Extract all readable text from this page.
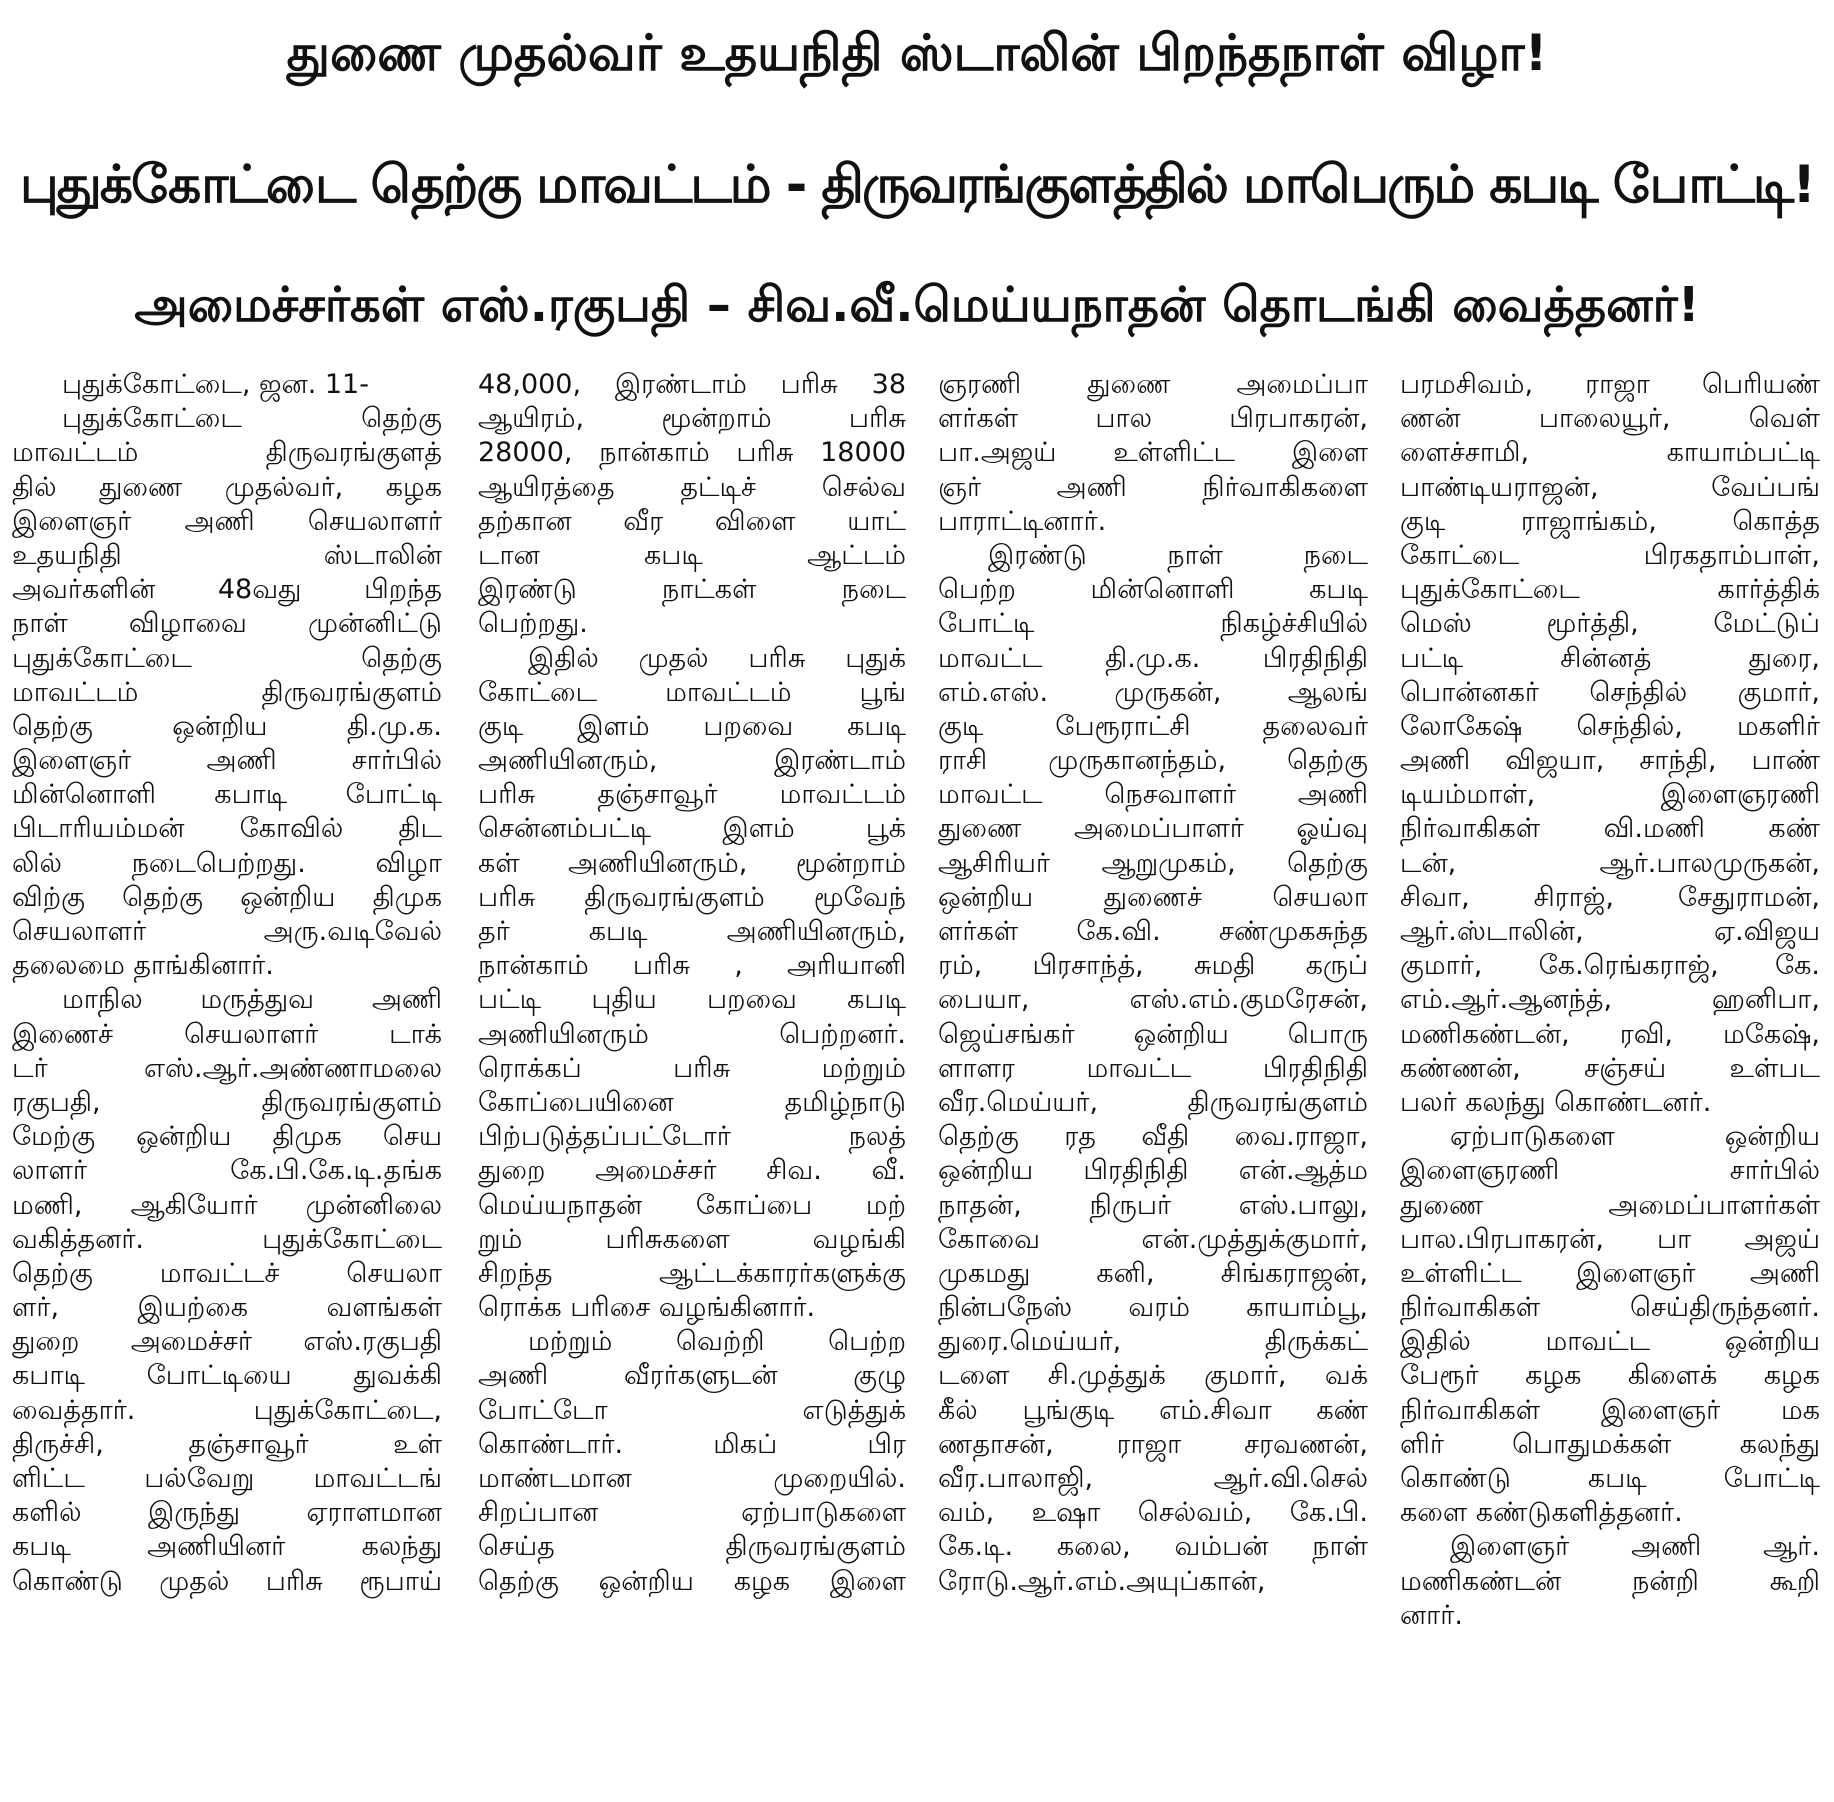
துணை முதல்வர் உதயநிதி ஸ்டாலின் பிறந்தநாள் விழா!
புதுக்கோட்டை தெற்கு மாவட்டம் - திருவரங்குளத்தில் மாபெரும் கபடி போட்டி!
அமைச்சர்கள் எஸ்.ரகுபதி – சிவ.வீ.மெய்யநாதன் தொடங்கி வைத்தனர்!
புதுக்கோட்டை, ஜன. 11-
புதுக்கோட்டை தெற்கு
மாவட்டம் திருவரங்குளத்
தில் துணை முதல்வர், கழக
இளைஞர் அணி செயலாளர்
உதயநிதி ஸ்டாலின்
அவர்களின் 48வது பிறந்த
நாள் விழாவை முன்னிட்டு
புதுக்கோட்டை தெற்கு
மாவட்டம் திருவரங்குளம்
தெற்கு ஒன்றிய தி.மு.க.
இளைஞர் அணி சார்பில்
மின்னொளி கபாடி போட்டி
பிடாரியம்மன் கோவில் திட
லில் நடைபெற்றது. விழா
விற்கு தெற்கு ஒன்றிய திமுக
செயலாளர் அரு.வடிவேல்
தலைமை தாங்கினார்.
மாநில மருத்துவ அணி
இணைச் செயலாளர் டாக்
டர் எஸ்.ஆர்.அண்ணாமலை
ரகுபதி, திருவரங்குளம்
மேற்கு ஒன்றிய திமுக செய
லாளர் கே.பி.கே.டி.தங்க
மணி, ஆகியோர் முன்னிலை
வகித்தனர். புதுக்கோட்டை
தெற்கு மாவட்டச் செயலா
ளர், இயற்கை வளங்கள்
துறை அமைச்சர் எஸ்.ரகுபதி
கபாடி போட்டியை துவக்கி
வைத்தார். புதுக்கோட்டை,
திருச்சி, தஞ்சாவூர் உள்
ளிட்ட பல்வேறு மாவட்டங்
களில் இருந்து ஏராளமான
கபடி அணியினர் கலந்து
கொண்டு முதல் பரிசு ரூபாய்
48,000, இரண்டாம் பரிசு 38
ஆயிரம், மூன்றாம் பரிசு
28000, நான்காம் பரிசு 18000
ஆயிரத்தை தட்டிச் செல்வ
தற்கான வீர விளை யாட்
டான கபடி ஆட்டம்
இரண்டு நாட்கள் நடை
பெற்றது.
இதில் முதல் பரிசு புதுக்
கோட்டை மாவட்டம் பூங்
குடி இளம் பறவை கபடி
அணியினரும், இரண்டாம்
பரிசு தஞ்சாவூர் மாவட்டம்
சென்னம்பட்டி இளம் பூக்
கள் அணியினரும், மூன்றாம்
பரிசு திருவரங்குளம் மூவேந்
தர் கபடி அணியினரும்,
நான்காம் பரிசு , அரியானி
பட்டி புதிய பறவை கபடி
அணியினரும் பெற்றனர்.
ரொக்கப் பரிசு மற்றும்
கோப்பையினை தமிழ்நாடு
பிற்படுத்தப்பட்டோர் நலத்
துறை அமைச்சர் சிவ. வீ.
மெய்யநாதன் கோப்பை மற்
றும் பரிசுகளை வழங்கி
சிறந்த ஆட்டக்காரர்களுக்கு
ரொக்க பரிசை வழங்கினார்.
மற்றும் வெற்றி பெற்ற
அணி வீரர்களுடன் குழு
போட்டோ எடுத்துக்
கொண்டார். மிகப் பிர
மாண்டமான முறையில்.
சிறப்பான ஏற்பாடுகளை
செய்த திருவரங்குளம்
தெற்கு ஒன்றிய கழக இளை
ஞரணி துணை அமைப்பா
ளர்கள் பால பிரபாகரன்,
பா.அஜய் உள்ளிட்ட இளை
ஞர் அணி நிர்வாகிகளை
பாராட்டினார்.
இரண்டு நாள் நடை
பெற்ற மின்னொளி கபடி
போட்டி நிகழ்ச்சியில்
மாவட்ட தி.மு.க. பிரதிநிதி
எம்.எஸ். முருகன், ஆலங்
குடி பேரூராட்சி தலைவர்
ராசி முருகானந்தம், தெற்கு
மாவட்ட நெசவாளர் அணி
துணை அமைப்பாளர் ஓய்வு
ஆசிரியர் ஆறுமுகம், தெற்கு
ஒன்றிய துணைச் செயலா
ளர்கள் கே.வி. சண்முகசுந்த
ரம், பிரசாந்த், சுமதி கருப்
பையா, எஸ்.எம்.குமரேசன்,
ஜெய்சங்கர் ஒன்றிய பொரு
ளாளர மாவட்ட பிரதிநிதி
வீர.மெய்யர், திருவரங்குளம்
தெற்கு ரத வீதி வை.ராஜா,
ஒன்றிய பிரதிநிதி என்.ஆத்ம
நாதன், நிருபர் எஸ்.பாலு,
கோவை என்.முத்துக்குமார்,
முகமது கனி, சிங்கராஜன்,
நின்பநேஸ் வரம் காயாம்பூ,
துரை.மெய்யர், திருக்கட்
டளை சி.முத்துக் குமார், வக்
கீல் பூங்குடி எம்.சிவா கண்
ணதாசன், ராஜா சரவணன்,
வீர.பாலாஜி, ஆர்.வி.செல்
வம், உஷா செல்வம், கே.பி.
கே.டி. கலை, வம்பன் நாள்
ரோடு.ஆர்.எம்.அயுப்கான்,
பரமசிவம், ராஜா பெரியண்
ணன் பாலையூர், வெள்
ளைச்சாமி, காயாம்பட்டி
பாண்டியராஜன், வேப்பங்
குடி ராஜாங்கம், கொத்த
கோட்டை பிரகதாம்பாள்,
புதுக்கோட்டை கார்த்திக்
மெஸ் மூர்த்தி, மேட்டுப்
பட்டி சின்னத் துரை,
பொன்னகர் செந்தில் குமார்,
லோகேஷ் செந்தில், மகளிர்
அணி விஜயா, சாந்தி, பாண்
டியம்மாள், இளைஞரணி
நிர்வாகிகள் வி.மணி கண்
டன், ஆர்.பாலமுருகன்,
சிவா, சிராஜ், சேதுராமன்,
ஆர்.ஸ்டாலின், ஏ.விஜய
குமார், கே.ரெங்கராஜ், கே.
எம்.ஆர்.ஆனந்த், ஹனிபா,
மணிகண்டன், ரவி, மகேஷ்,
கண்ணன், சஞ்சய் உள்பட
பலர் கலந்து கொண்டனர்.
ஏற்பாடுகளை ஒன்றிய
இளைஞரணி சார்பில்
துணை அமைப்பாளர்கள்
பால.பிரபாகரன், பா அஜய்
உள்ளிட்ட இளைஞர் அணி
நிர்வாகிகள் செய்திருந்தனர்.
இதில் மாவட்ட ஒன்றிய
பேரூர் கழக கிளைக் கழக
நிர்வாகிகள் இளைஞர் மக
ளிர் பொதுமக்கள் கலந்து
கொண்டு கபடி போட்டி
களை கண்டுகளித்தனர்.
இளைஞர் அணி ஆர்.
மணிகண்டன் நன்றி கூறி
னார்.
